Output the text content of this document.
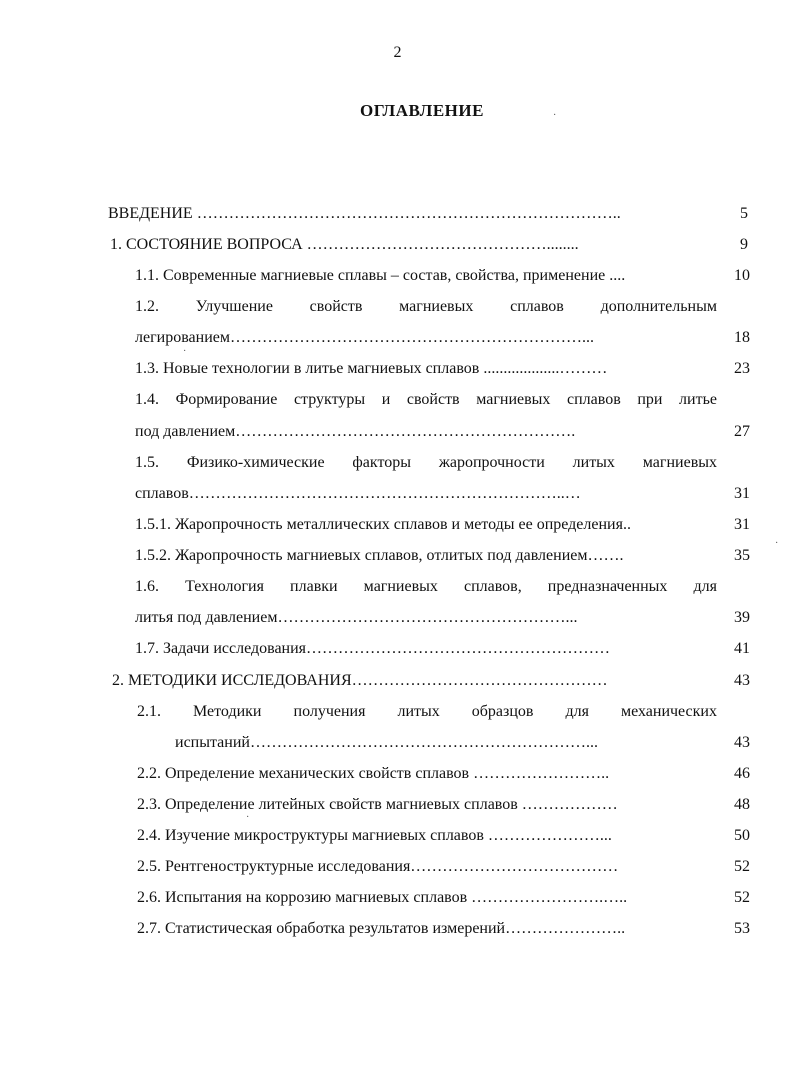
2
ОГЛАВЛЕНИЕ
ВВЕДЕНИЕ ……………………………………………………………………..	5
1. СОСТОЯНИЕ ВОПРОСА ………………………………………........	9
1.1. Современные магниевые сплавы – состав, свойства, применение ....	10
1.2. Улучшение свойств магниевых сплавов дополнительным
легированием…………………………………………………………...	18
1.3. Новые технологии в литье магниевых сплавов ...................………	23
1.4. Формирование структуры и свойств магниевых сплавов при литье
под давлением……………………………………………………….	27
1.5. Физико-химические факторы жаропрочности литых магниевых
сплавов……………………………………………………………..…	31
1.5.1. Жаропрочность металлических сплавов и методы ее определения..	31
1.5.2. Жаропрочность магниевых сплавов, отлитых под давлением…….	35
1.6. Технология плавки магниевых сплавов, предназначенных для
литья под давлением………………………………………………...	39
1.7. Задачи исследования…………………………………………………	41
2. МЕТОДИКИ ИССЛЕДОВАНИЯ…………………………………………	43
2.1. Методики получения литых образцов для механических
испытаний………………………………………………………...	43
2.2. Определение механических свойств сплавов ……………………..	46
2.3. Определение литейных свойств магниевых сплавов ………………	48
2.4. Изучение микроструктуры магниевых сплавов …………………...	50
2.5. Рентгеноструктурные исследования…………………………………	52
2.6. Испытания на коррозию магниевых сплавов …………………….…..	52
2.7. Статистическая обработка результатов измерений…………………..	53
·
·
·
·
